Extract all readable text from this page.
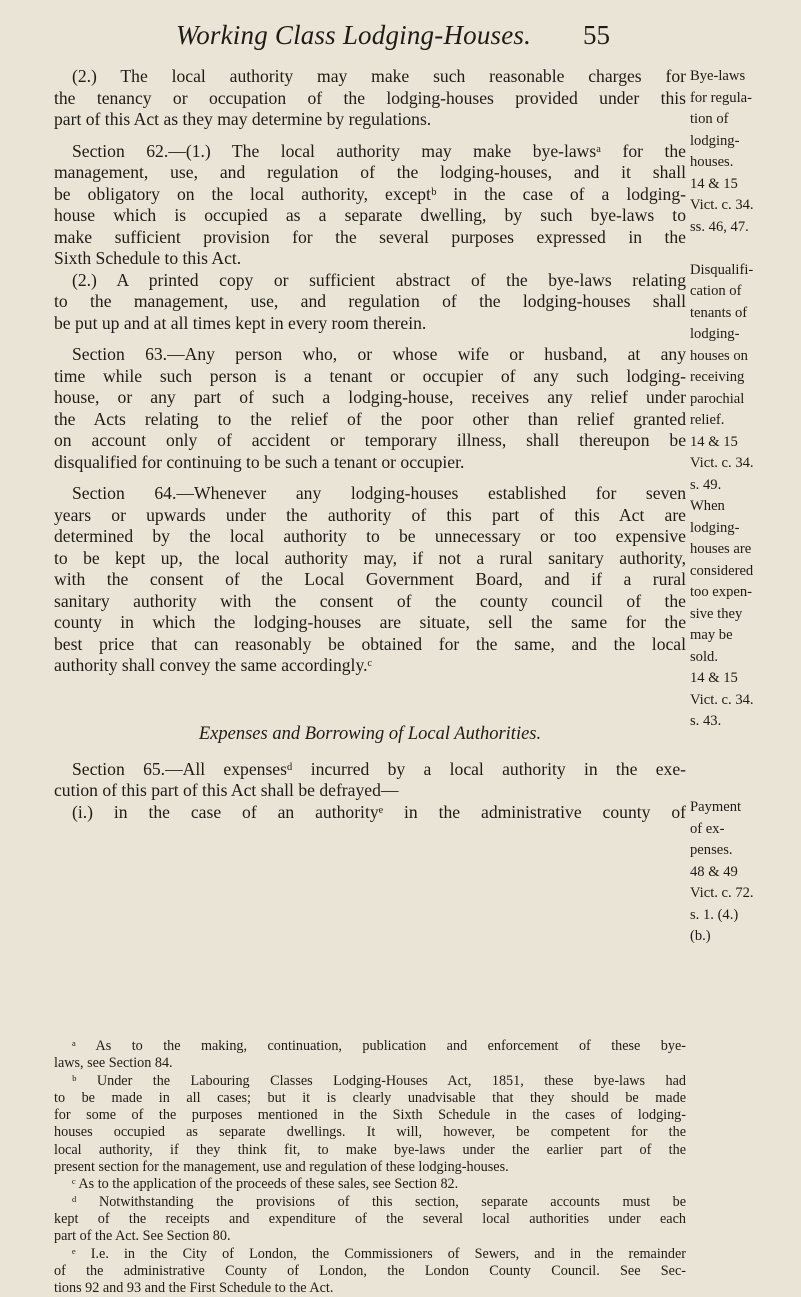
Working Class Lodging-Houses. 55
(2.) The local authority may make such reasonable charges for
the tenancy or occupation of the lodging-houses provided under this
part of this Act as they may determine by regulations.
Section 62.—(1.) The local authority may make bye-lawsᵃ for the
management, use, and regulation of the lodging-houses, and it shall
be obligatory on the local authority, exceptᵇ in the case of a lodging-
house which is occupied as a separate dwelling, by such bye-laws to
make sufficient provision for the several purposes expressed in the
Sixth Schedule to this Act.
(2.) A printed copy or sufficient abstract of the bye-laws relating
to the management, use, and regulation of the lodging-houses shall
be put up and at all times kept in every room therein.
Section 63.—Any person who, or whose wife or husband, at any
time while such person is a tenant or occupier of any such lodging-
house, or any part of such a lodging-house, receives any relief under
the Acts relating to the relief of the poor other than relief granted
on account only of accident or temporary illness, shall thereupon be
disqualified for continuing to be such a tenant or occupier.
Section 64.—Whenever any lodging-houses established for seven
years or upwards under the authority of this part of this Act are
determined by the local authority to be unnecessary or too expensive
to be kept up, the local authority may, if not a rural sanitary authority,
with the consent of the Local Government Board, and if a rural
sanitary authority with the consent of the county council of the
county in which the lodging-houses are situate, sell the same for the
best price that can reasonably be obtained for the same, and the local
authority shall convey the same accordingly.ᶜ
Expenses and Borrowing of Local Authorities.
Section 65.—All expensesᵈ incurred by a local authority in the exe-
cution of this part of this Act shall be defrayed—
(i.) in the case of an authorityᵉ in the administrative county of
Bye-laws
for regula-
tion of
lodging-
houses.
14 & 15
Vict. c. 34.
ss. 46, 47.
Disqualifi-
cation of
tenants of
lodging-
houses on
receiving
parochial
relief.
14 & 15
Vict. c. 34.
s. 49.
When
lodging-
houses are
considered
too expen-
sive they
may be
sold.
14 & 15
Vict. c. 34.
s. 43.
Payment
of ex-
penses.
48 & 49
Vict. c. 72.
s. 1. (4.)
(b.)
ᵃ As to the making, continuation, publication and enforcement of these bye-
laws, see Section 84.
ᵇ Under the Labouring Classes Lodging-Houses Act, 1851, these bye-laws had
to be made in all cases; but it is clearly unadvisable that they should be made
for some of the purposes mentioned in the Sixth Schedule in the cases of lodging-
houses occupied as separate dwellings. It will, however, be competent for the
local authority, if they think fit, to make bye-laws under the earlier part of the
present section for the management, use and regulation of these lodging-houses.
ᶜ As to the application of the proceeds of these sales, see Section 82.
ᵈ Notwithstanding the provisions of this section, separate accounts must be
kept of the receipts and expenditure of the several local authorities under each
part of the Act. See Section 80.
ᵉ I.e. in the City of London, the Commissioners of Sewers, and in the remainder
of the administrative County of London, the London County Council. See Sec-
tions 92 and 93 and the First Schedule to the Act.
